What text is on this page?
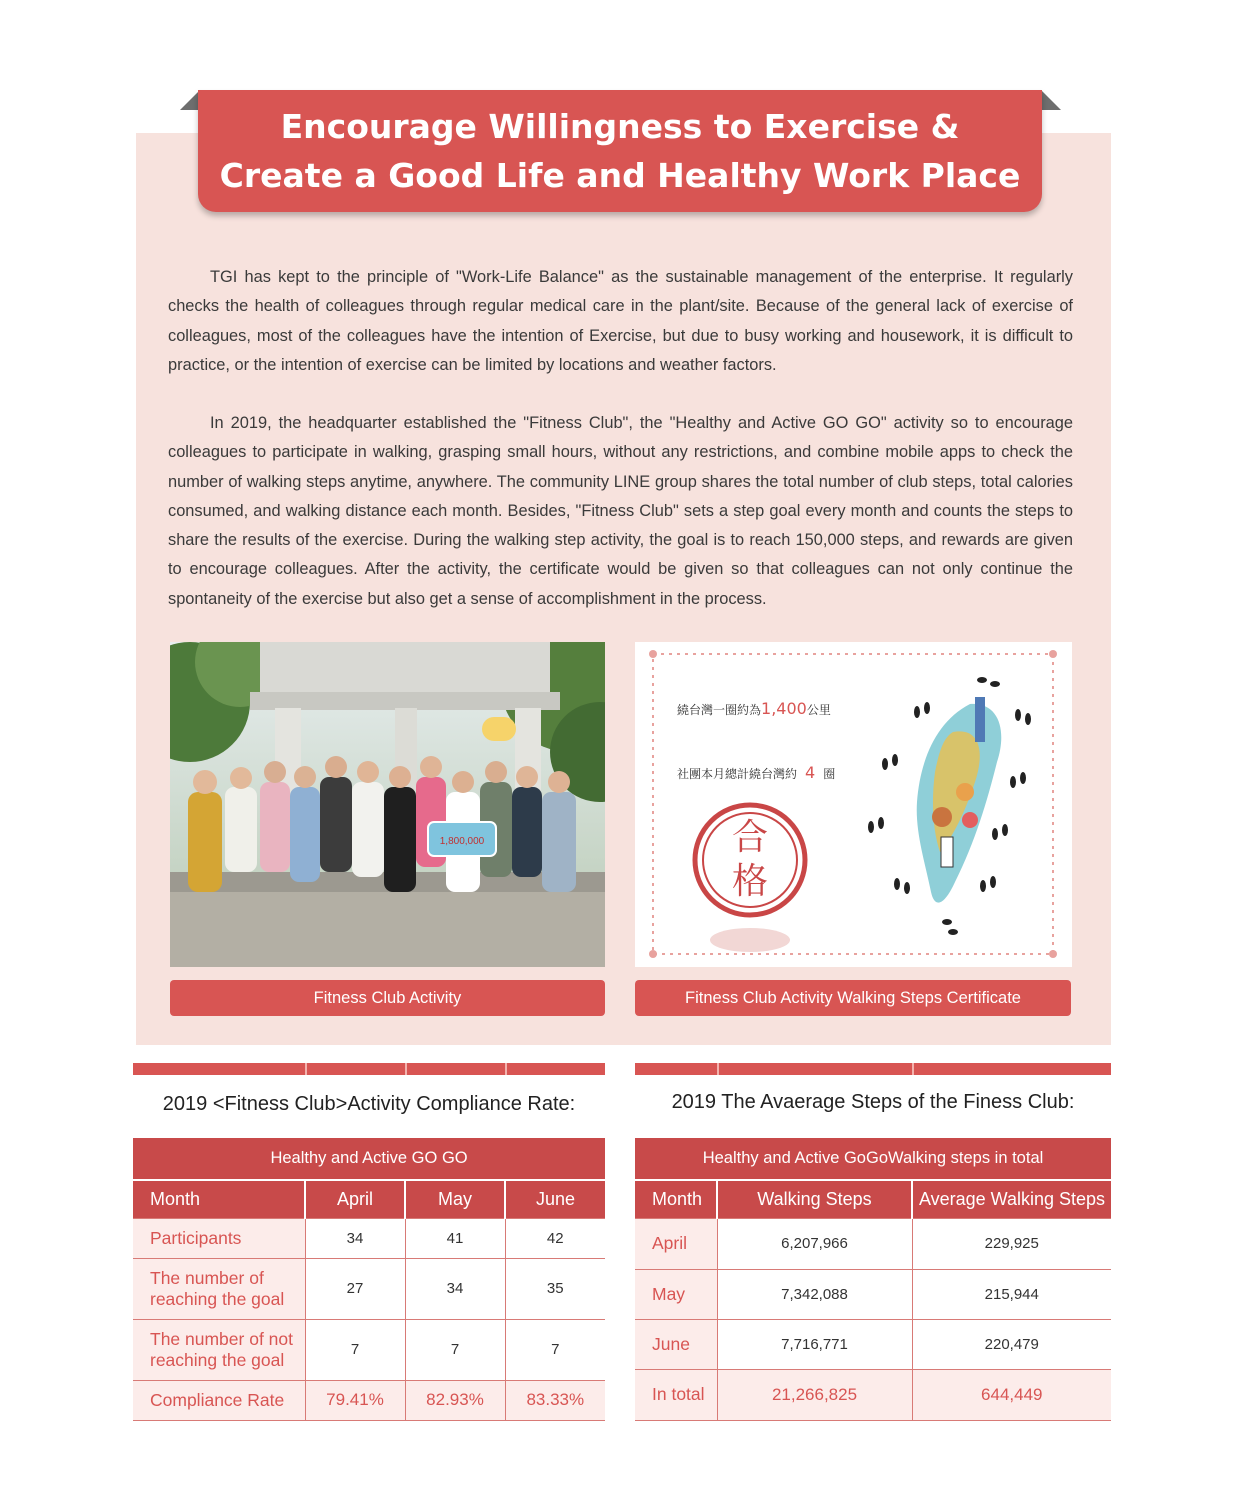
Encourage Willingness to Exercise &
Create a Good Life and Healthy Work Place

TGI has kept to the principle of "Work-Life Balance" as the sustainable management of the enterprise. It regularly checks the health of colleagues through regular medical care in the plant/site. Because of the general lack of exercise of colleagues, most of the colleagues have the intention of Exercise, but due to busy working and housework, it is difficult to practice, or the intention of exercise can be limited by locations and weather factors.

In 2019, the headquarter established the "Fitness Club", the "Healthy and Active GO GO" activity so to encourage colleagues to participate in walking, grasping small hours, without any restrictions, and combine mobile apps to check the number of walking steps anytime, anywhere. The community LINE group shares the total number of club steps, total calories consumed, and walking distance each month. Besides, "Fitness Club" sets a step goal every month and counts the steps to share the results of the exercise. During the walking step activity, the goal is to reach 150,000 steps, and rewards are given to encourage colleagues. After the activity, the certificate would be given so that colleagues can not only continue the spontaneity of the exercise but also get a sense of accomplishment in the process.

1,800,000
繞台灣一圈約為1,400公里
社團本月總計繞台灣約 4 圈
合
格
Fitness Club Activity	Fitness Club Activity Walking Steps Certificate
2019 <Fitness Club>Activity Compliance Rate:
Healthy and Active GO GO			
Month	April	May	June
Participants	34	41	42
The number of reaching the goal	27	34	35
The number of not reaching the goal	7	7	7
Compliance Rate	79.41%	82.93%	83.33%
2019 The Avaerage Steps of the Finess Club:
Healthy and Active GoGoWalking steps in total		
Month	Walking Steps	Average Walking Steps
April	6,207,966	229,925
May	7,342,088	215,944
June	7,716,771	220,479
In total	21,266,825	644,449
